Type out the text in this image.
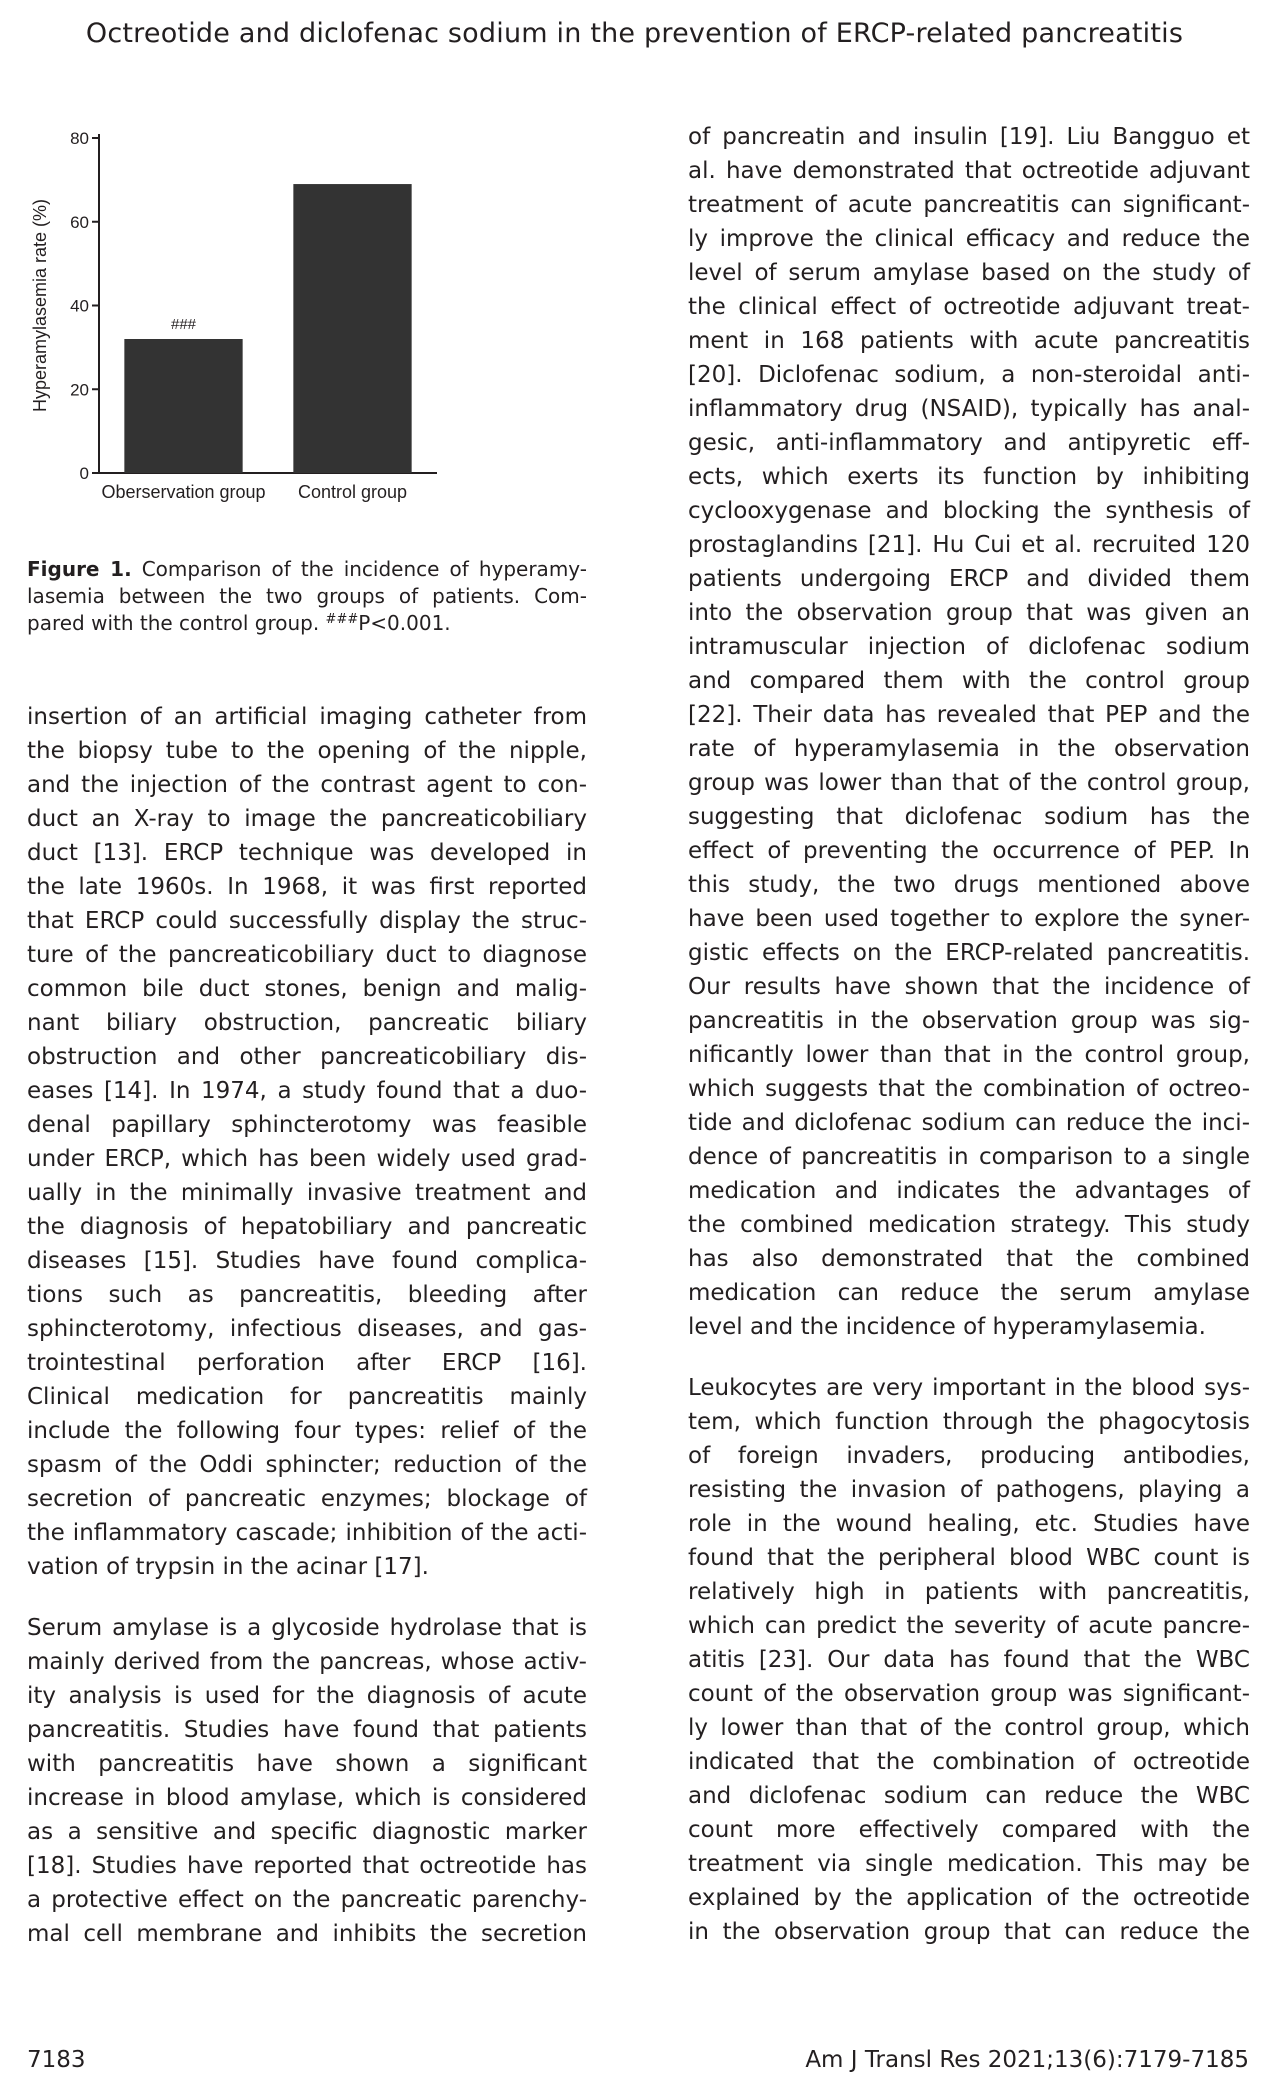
Octreotide and diclofenac sodium in the prevention of ERCP-related pancreatitis
0
20
40
60
80
Hyperamylasemia rate (%)
Oberservation group
###
Control group
Figure 1. Comparison of the incidence of hyperamy-
lasemia between the two groups of patients. Com-
pared with the control group. ###P<0.001.
insertion of an artificial imaging catheter from
the biopsy tube to the opening of the nipple,
and the injection of the contrast agent to con-
duct an X-ray to image the pancreaticobiliary
duct [13]. ERCP technique was developed in
the late 1960s. In 1968, it was first reported
that ERCP could successfully display the struc-
ture of the pancreaticobiliary duct to diagnose
common bile duct stones, benign and malig-
nant biliary obstruction, pancreatic biliary
obstruction and other pancreaticobiliary dis-
eases [14]. In 1974, a study found that a duo-
denal papillary sphincterotomy was feasible
under ERCP, which has been widely used grad-
ually in the minimally invasive treatment and
the diagnosis of hepatobiliary and pancreatic
diseases [15]. Studies have found complica-
tions such as pancreatitis, bleeding after
sphincterotomy, infectious diseases, and gas-
trointestinal perforation after ERCP [16].
Clinical medication for pancreatitis mainly
include the following four types: relief of the
spasm of the Oddi sphincter; reduction of the
secretion of pancreatic enzymes; blockage of
the inflammatory cascade; inhibition of the acti-
vation of trypsin in the acinar [17].
Serum amylase is a glycoside hydrolase that is
mainly derived from the pancreas, whose activ-
ity analysis is used for the diagnosis of acute
pancreatitis. Studies have found that patients
with pancreatitis have shown a significant
increase in blood amylase, which is considered
as a sensitive and specific diagnostic marker
[18]. Studies have reported that octreotide has
a protective effect on the pancreatic parenchy-
mal cell membrane and inhibits the secretion
of pancreatin and insulin [19]. Liu Bangguo et
al. have demonstrated that octreotide adjuvant
treatment of acute pancreatitis can significant-
ly improve the clinical efficacy and reduce the
level of serum amylase based on the study of
the clinical effect of octreotide adjuvant treat-
ment in 168 patients with acute pancreatitis
[20]. Diclofenac sodium, a non-steroidal anti-
inflammatory drug (NSAID), typically has anal-
gesic, anti-inflammatory and antipyretic eff-
ects, which exerts its function by inhibiting
cyclooxygenase and blocking the synthesis of
prostaglandins [21]. Hu Cui et al. recruited 120
patients undergoing ERCP and divided them
into the observation group that was given an
intramuscular injection of diclofenac sodium
and compared them with the control group
[22]. Their data has revealed that PEP and the
rate of hyperamylasemia in the observation
group was lower than that of the control group,
suggesting that diclofenac sodium has the
effect of preventing the occurrence of PEP. In
this study, the two drugs mentioned above
have been used together to explore the syner-
gistic effects on the ERCP-related pancreatitis.
Our results have shown that the incidence of
pancreatitis in the observation group was sig-
nificantly lower than that in the control group,
which suggests that the combination of octreo-
tide and diclofenac sodium can reduce the inci-
dence of pancreatitis in comparison to a single
medication and indicates the advantages of
the combined medication strategy. This study
has also demonstrated that the combined
medication can reduce the serum amylase
level and the incidence of hyperamylasemia.
Leukocytes are very important in the blood sys-
tem, which function through the phagocytosis
of foreign invaders, producing antibodies,
resisting the invasion of pathogens, playing a
role in the wound healing, etc. Studies have
found that the peripheral blood WBC count is
relatively high in patients with pancreatitis,
which can predict the severity of acute pancre-
atitis [23]. Our data has found that the WBC
count of the observation group was significant-
ly lower than that of the control group, which
indicated that the combination of octreotide
and diclofenac sodium can reduce the WBC
count more effectively compared with the
treatment via single medication. This may be
explained by the application of the octreotide
in the observation group that can reduce the
7183	Am J Transl Res 2021;13(6):7179-7185
